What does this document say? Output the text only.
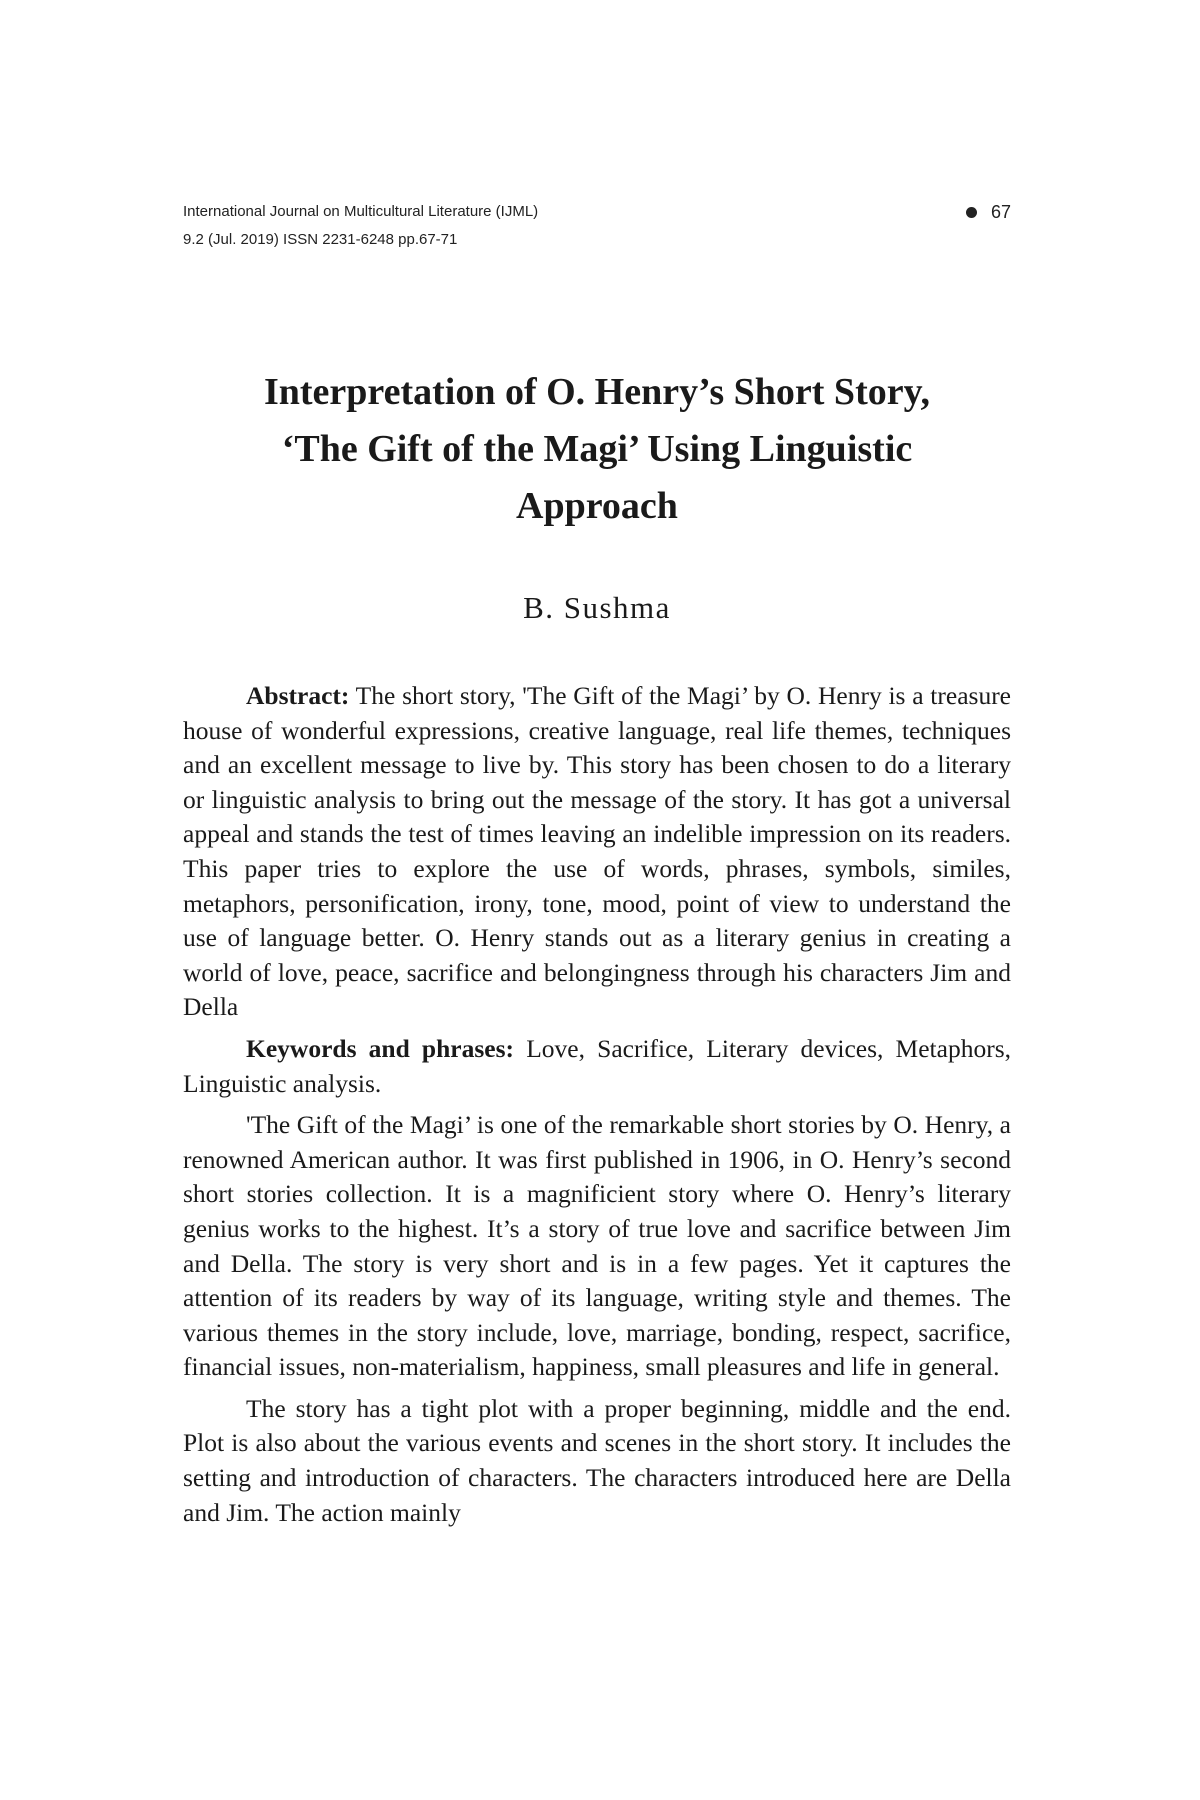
International Journal on Multicultural Literature (IJML)
9.2 (Jul. 2019) ISSN 2231-6248 pp.67-71
67
Interpretation of O. Henry’s Short Story,
‘The Gift of the Magi’ Using Linguistic
Approach

B. Sushma

Abstract: The short story, 'The Gift of the Magi’ by O. Henry is a treasure house of wonderful expressions, creative language, real life themes, techniques and an excellent message to live by. This story has been chosen to do a literary or linguistic analysis to bring out the message of the story. It has got a universal appeal and stands the test of times leaving an indelible impression on its readers. This paper tries to explore the use of words, phrases, symbols, similes, metaphors, personification, irony, tone, mood, point of view to understand the use of language better. O. Henry stands out as a literary genius in creating a world of love, peace, sacrifice and belongingness through his characters Jim and Della

Keywords and phrases: Love, Sacrifice, Literary devices, Metaphors, Linguistic analysis.

'The Gift of the Magi’ is one of the remarkable short stories by O. Henry, a renowned American author. It was first published in 1906, in O. Henry’s second short stories collection. It is a magnificient story where O. Henry’s literary genius works to the highest. It’s a story of true love and sacrifice between Jim and Della. The story is very short and is in a few pages. Yet it captures the attention of its readers by way of its language, writing style and themes. The various themes in the story include, love, marriage, bonding, respect, sacrifice, financial issues, non-materialism, happiness, small pleasures and life in general.

The story has a tight plot with a proper beginning, middle and the end. Plot is also about the various events and scenes in the short story. It includes the setting and introduction of characters. The characters introduced here are Della and Jim. The action mainly
